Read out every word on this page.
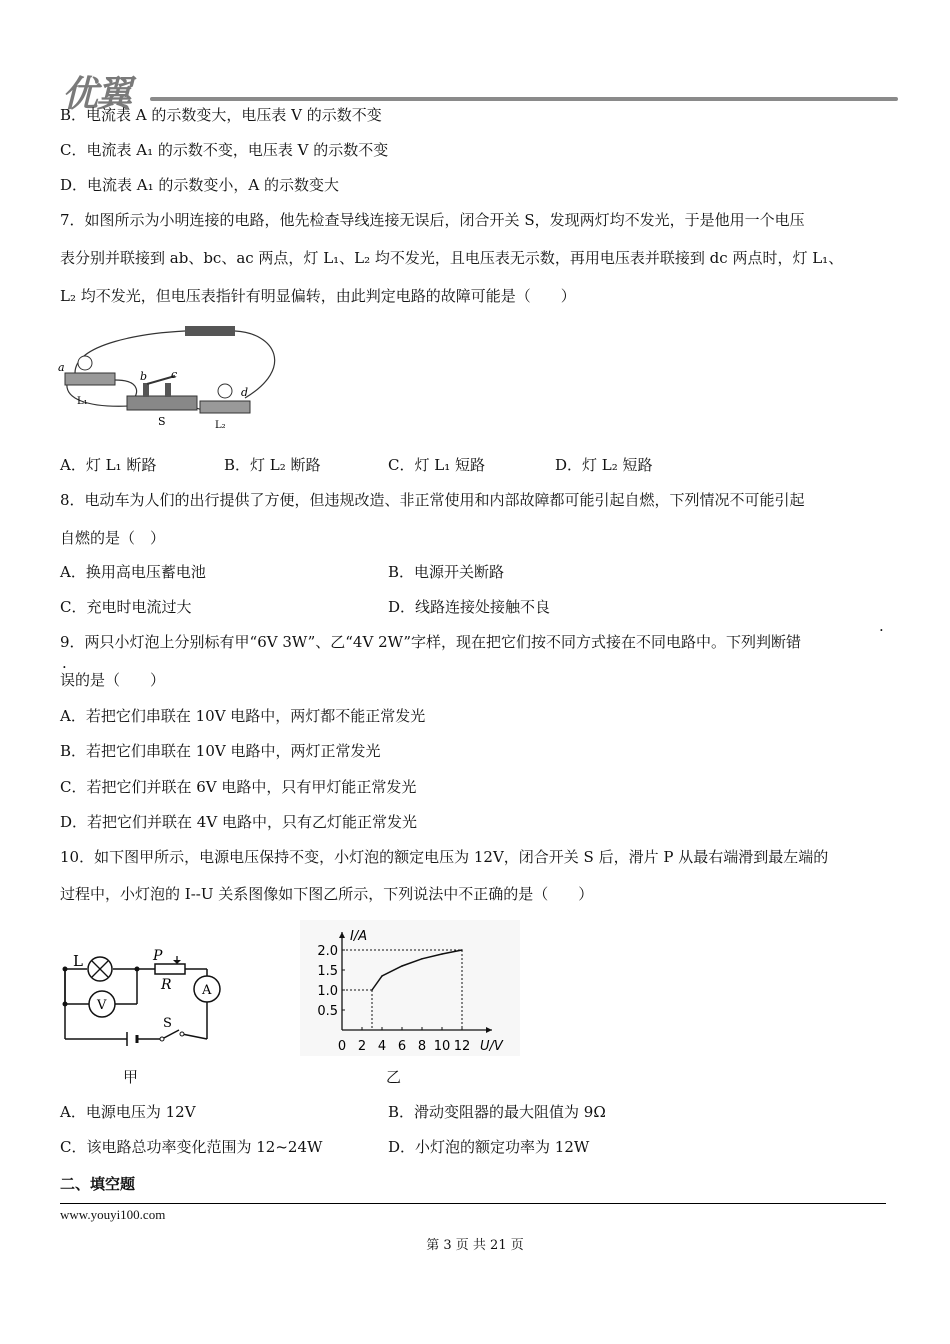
优翼
B．电流表 A 的示数变大，电压表 V 的示数不变
C．电流表 A₁ 的示数不变，电压表 V 的示数不变
D．电流表 A₁ 的示数变小，A 的示数变大
7．如图所示为小明连接的电路，他先检查导线连接无误后，闭合开关 S，发现两灯均不发光，于是他用一个电压
表分别并联接到 ab、bc、ac 两点，灯 L₁、L₂ 均不发光，且电压表无示数，再用电压表并联接到 dc 两点时，灯 L₁、
L₂ 均不发光，但电压表指针有明显偏转，由此判定电路的故障可能是（　　）
a
b c
d
L₁
S	L₂
A．灯 L₁ 断路	B．灯 L₂ 断路	C．灯 L₁ 短路	D．灯 L₂ 短路
8．电动车为人们的出行提供了方便，但违规改造、非正常使用和内部故障都可能引起自燃，下列情况不可能引起
自燃的是（　）
A．换用高电压蓄电池	B．电源开关断路
C．充电时电流过大	D．线路连接处接触不良
9．两只小灯泡上分别标有甲“6V 3W”、乙“4V 2W”字样，现在把它们按不同方式接在不同电路中。下列判断错
·
·
误的是（　　）
A．若把它们串联在 10V 电路中，两灯都不能正常发光
B．若把它们串联在 10V 电路中，两灯正常发光
C．若把它们并联在 6V 电路中，只有甲灯能正常发光
D．若把它们并联在 4V 电路中，只有乙灯能正常发光
10．如下图甲所示，电源电压保持不变，小灯泡的额定电压为 12V，闭合开关 S 后，滑片 P 从最右端滑到最左端的
过程中，小灯泡的 I--U 关系图像如下图乙所示，下列说法中不正确的是（　　）
L	P
R
V
A
S
U/V
I/A
0 2 4 6 8 10 12
0.5
1.0
1.5
2.0
甲	乙
A．电源电压为 12V	B．滑动变阻器的最大阻值为 9Ω
C．该电路总功率变化范围为 12~24W	D．小灯泡的额定功率为 12W
二、填空题
www.youyi100.com
第 3 页 共 21 页
